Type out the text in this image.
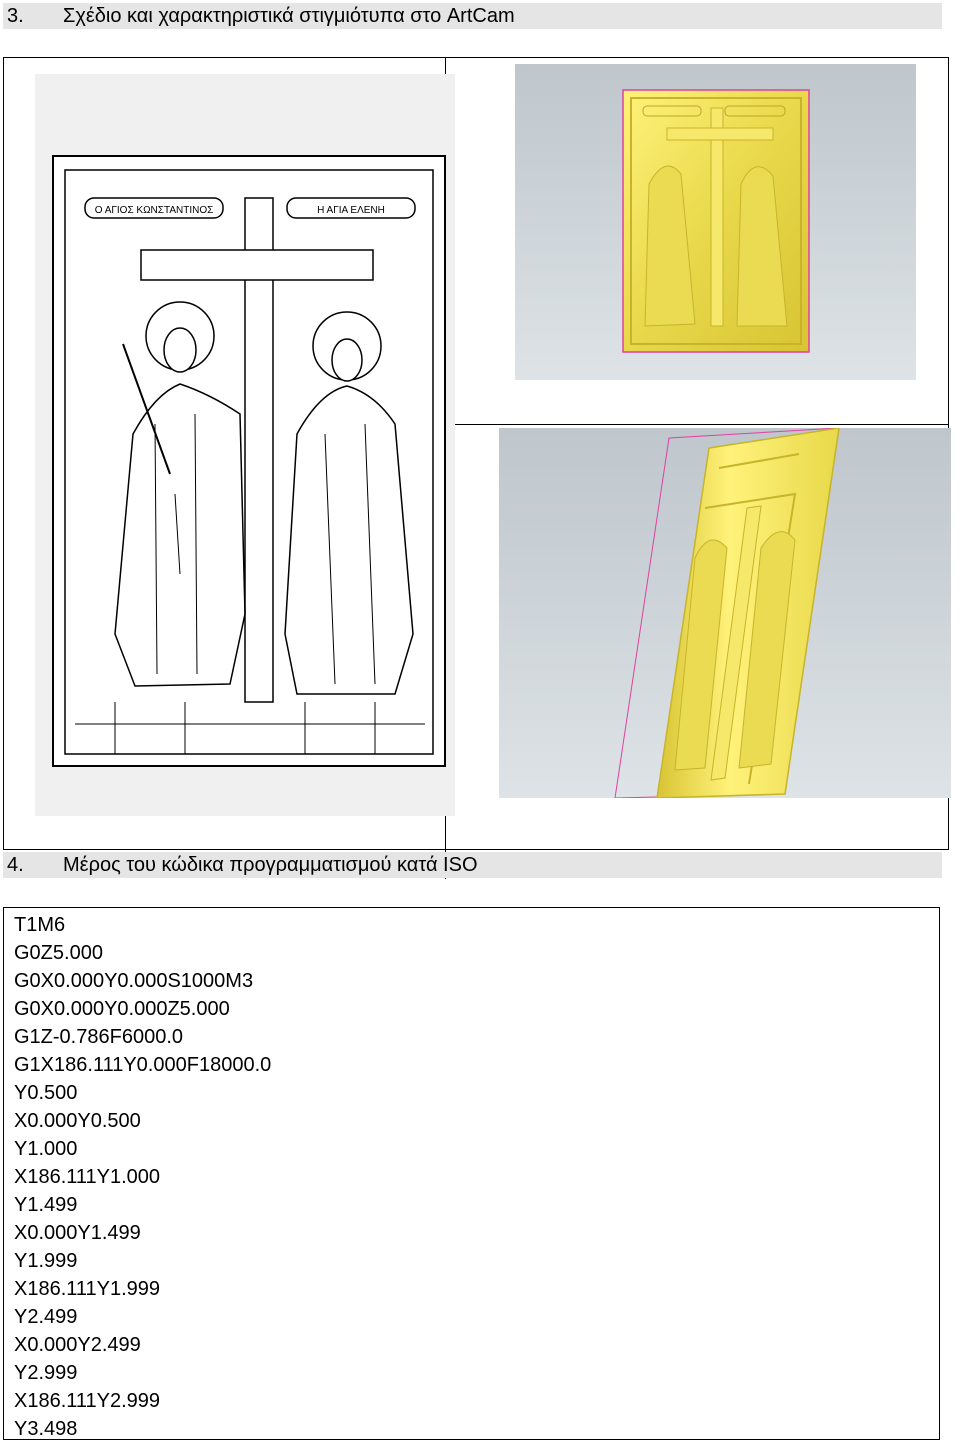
3. Σχέδιο και χαρακτηριστικά στιγμιότυπα στο ArtCam
Ο ΑΓΙΟΣ ΚΩΝΣΤΑΝΤΙΝΟΣ	Η ΑΓΙΑ ΕΛΕΝΗ
4. Μέρος του κώδικα προγραμματισμού κατά ISO
T1M6
G0Z5.000
G0X0.000Y0.000S1000M3
G0X0.000Y0.000Z5.000
G1Z-0.786F6000.0
G1X186.111Y0.000F18000.0
Y0.500
X0.000Y0.500
Y1.000
X186.111Y1.000
Y1.499
X0.000Y1.499
Y1.999
X186.111Y1.999
Y2.499
X0.000Y2.499
Y2.999
X186.111Y2.999
Y3.498
